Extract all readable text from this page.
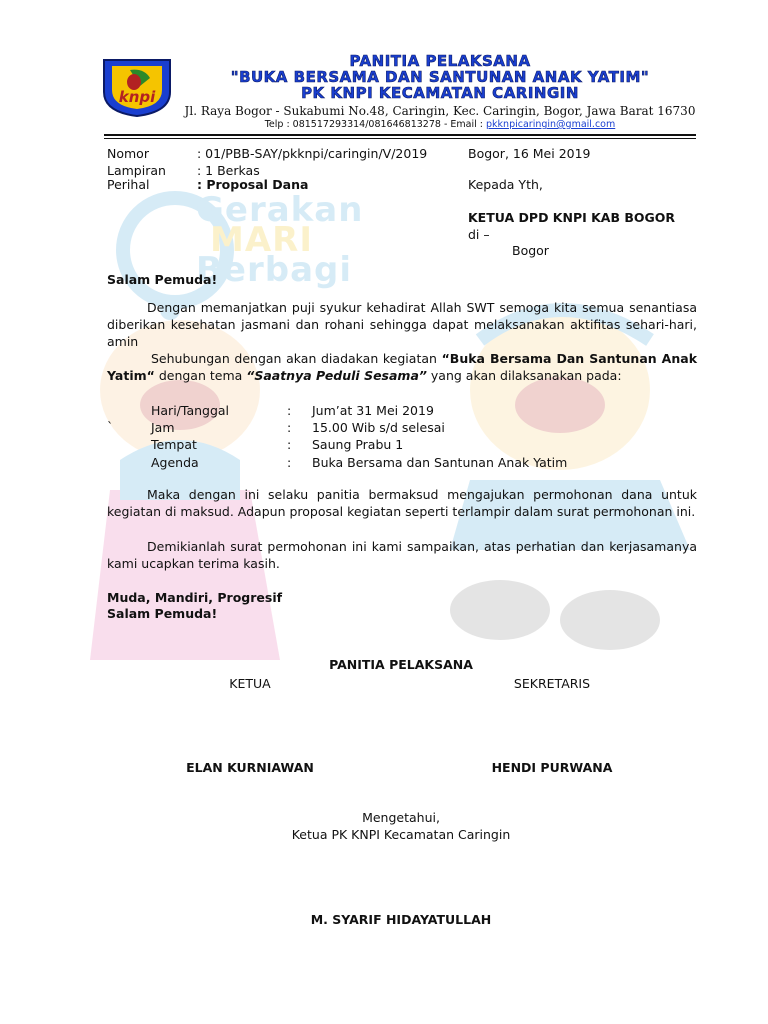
Gerakan
MARI
Berbagi
knpi
PANITIA PELAKSANA
"BUKA BERSAMA DAN SANTUNAN ANAK YATIM"
PK KNPI KECAMATAN CARINGIN
Jl. Raya Bogor - Sukabumi No.48, Caringin, Kec. Caringin, Bogor, Jawa Barat 16730
Telp : 081517293314/081646813278 - Email : pkknpicaringin@gmail.com
Nomor	: 01/PBB-SAY/pkknpi/caringin/V/2019
Lampiran : 1 Berkas
Perihal	: Proposal Dana
Bogor, 16 Mei 2019
Kepada Yth,
KETUA DPD KNPI KAB BOGOR
di –
Bogor
Salam Pemuda!
Dengan memanjatkan puji syukur kehadirat Allah SWT semoga kita semua senantiasa diberikan kesehatan jasmani dan rohani sehingga dapat melaksanakan aktifitas sehari-hari, amin
Sehubungan dengan akan diadakan kegiatan “Buka Bersama Dan Santunan Anak Yatim“ dengan tema “Saatnya Peduli Sesama” yang akan dilaksanakan pada:
`
Hari/Tanggal	: Jum’at 31 Mei 2019
Jam	: 15.00 Wib s/d selesai
Tempat	: Saung Prabu 1
Agenda	: Buka Bersama dan Santunan Anak Yatim
Maka dengan ini selaku panitia bermaksud mengajukan permohonan dana untuk kegiatan di maksud. Adapun proposal kegiatan seperti terlampir dalam surat permohonan ini.
Demikianlah surat permohonan ini kami sampaikan, atas perhatian dan kerjasamanya kami ucapkan terima kasih.
Muda, Mandiri, Progresif
Salam Pemuda!
PANITIA PELAKSANA
KETUA	SEKRETARIS
ELAN KURNIAWAN	HENDI PURWANA
Mengetahui,
Ketua PK KNPI Kecamatan Caringin
M. SYARIF HIDAYATULLAH
